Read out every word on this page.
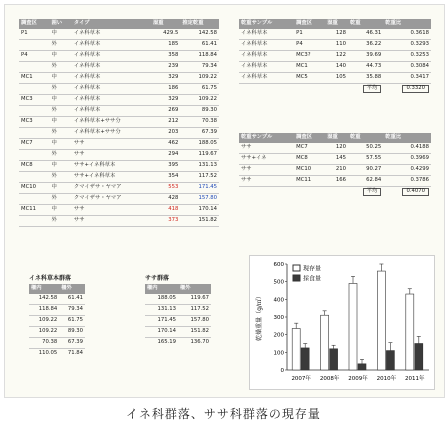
調査区	囲い	タイプ	湿重	推定乾重
P1	中	イネ科草本	429.5	142.58
	外	イネ科草本	185	61.41
P4	中	イネ科草本	358	118.84
	外	イネ科草本	239	79.34
MC1	中	イネ科草本	329	109.22
	外	イネ科草本	186	61.75
MC3	中	イネ科草本	329	109.22
	外	イネ科草本	269	89.30
MC3	中	イネ科草本+ササ分	212	70.38
	外	イネ科草本+ササ分	203	67.39
MC7	中	ササ	462	188.05
	外	ササ	294	119.67
MC8	中	ササ+イネ科草本	395	131.13
	外	ササ+イネ科草本	354	117.52
MC10	中	クマイザサ・ヤマア	553	171.45
	外	クマイザサ・ヤマア	428	157.80
MC11	中	ササ	418	170.14
	外	ササ	373	151.82
乾重サンプル	調査区	湿重	乾重	乾重比
イネ科草本	P1	128	46.31	0.3618
イネ科草本	P4	110	36.22	0.3293
イネ科草本	MC3?	122	39.69	0.3253
イネ科草本	MC1	140	44.73	0.3084
イネ科草本	MC5	105	35.88	0.3417
			平均	0.3320
乾重サンプル	調査区	湿重	乾重	乾重比
ササ	MC7	120	50.25	0.4188
ササ+イネ	MC8	145	57.55	0.3969
ササ	MC10	210	90.27	0.4299
ササ	MC11	166	62.84	0.3786
			平均	0.4070
イネ科草本群落
柵内	柵外
142.58	61.41
118.84	79.34
109.22	61.75
109.22	89.30
70.38	67.39
110.05	71.84
ササ群落
柵内	柵外
188.05	119.67
131.13	117.52
171.45	157.80
170.14	151.82
165.19	136.70
乾燥重量（g/㎡）
0
100
200
300
400
500
600
2007年 2008年 2009年 2010年 2011年
現存量
採食量
イネ科群落、ササ科群落の現存量
